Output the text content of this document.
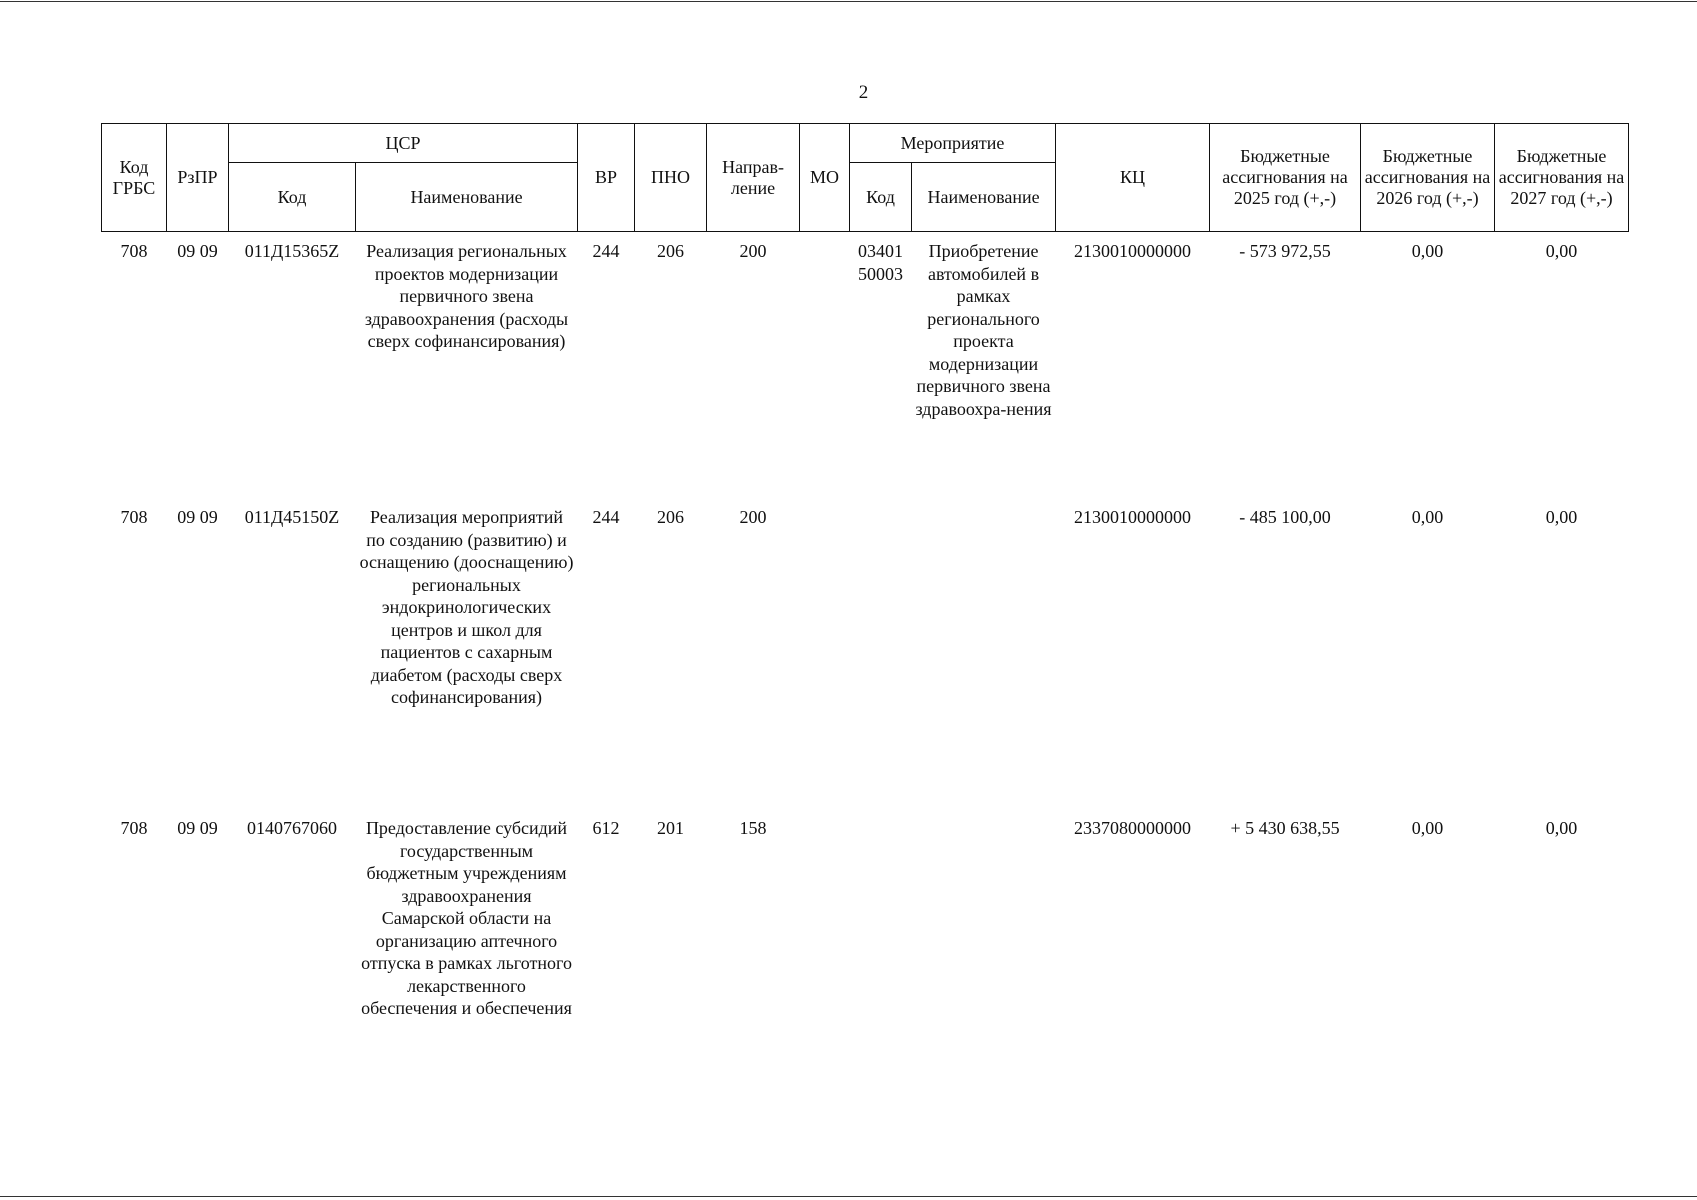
2
Код ГРБС	РзПР	ЦСР		ВР	ПНО	Направ-ление	МО	Мероприятие		КЦ	Бюджетные ассигнования на 2025 год (+,-)	Бюджетные ассигнования на 2026 год (+,-)	Бюджетные ассигнования на 2027 год (+,-)
		Код	Наименование					Код	Наименование				
708	09 09	011Д15365Z	Реализация региональных проектов модернизации первичного звена здравоохранения (расходы сверх софинансирования)	244	206	200		03401 50003	Приобретение автомобилей в рамках регионального проекта модернизации первичного звена здравоохра-нения	2130010000000	- 573 972,55	0,00	0,00
708	09 09	011Д45150Z	Реализация мероприятий по созданию (развитию) и оснащению (дооснащению) региональных эндокринологических центров и школ для пациентов с сахарным диабетом (расходы сверх софинансирования)	244	206	200				2130010000000	- 485 100,00	0,00	0,00
708	09 09	0140767060	Предоставление субсидий государственным бюджетным учреждениям здравоохранения Самарской области на организацию аптечного отпуска в рамках льготного лекарственного обеспечения и обеспечения	612	201	158				2337080000000	+ 5 430 638,55	0,00	0,00
